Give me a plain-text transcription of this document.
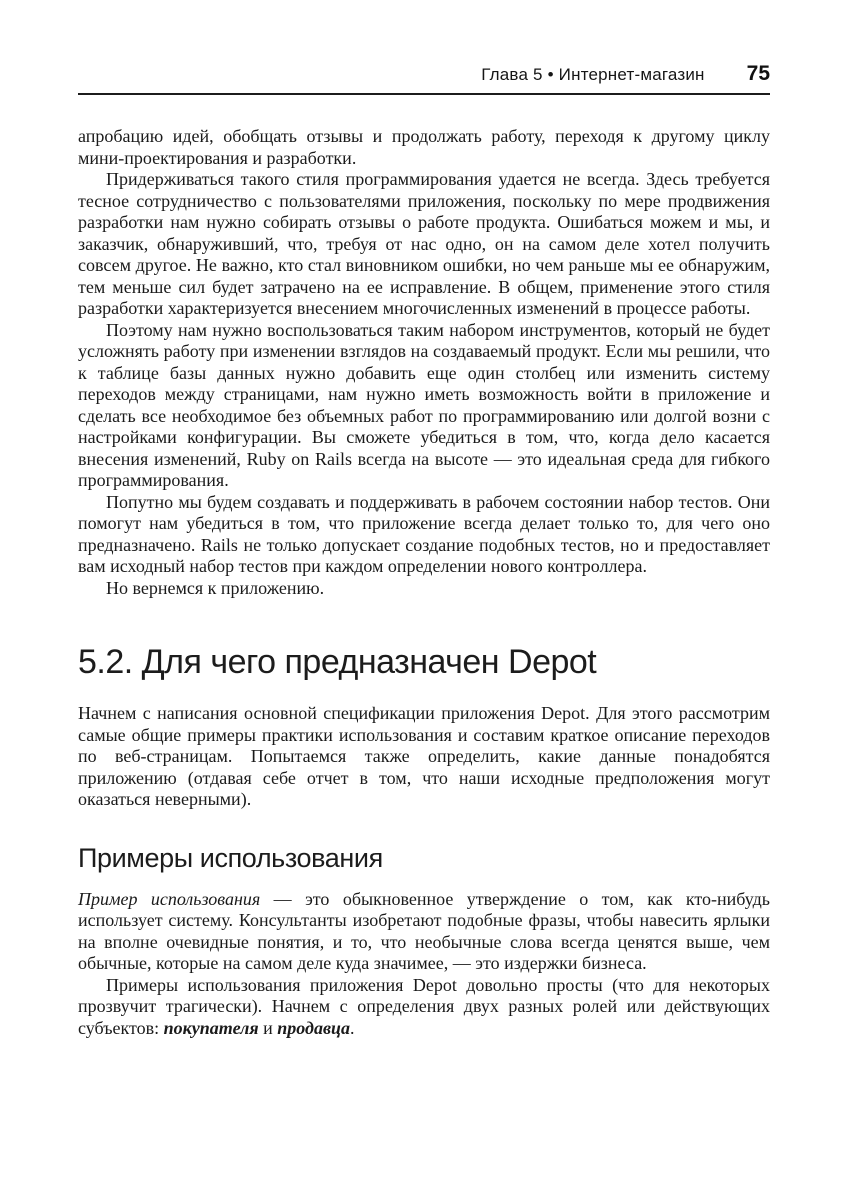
Глава 5 • Интернет-магазин 75

апробацию идей, обобщать отзывы и продолжать работу, переходя к другому циклу мини-проектирования и разработки.

Придерживаться такого стиля программирования удается не всегда. Здесь требуется тесное сотрудничество с пользователями приложения, поскольку по мере продвижения разработки нам нужно собирать отзывы о работе продукта. Ошибаться можем и мы, и заказчик, обнаруживший, что, требуя от нас одно, он на самом деле хотел получить совсем другое. Не важно, кто стал виновником ошибки, но чем раньше мы ее обнаружим, тем меньше сил будет затрачено на ее исправление. В общем, применение этого стиля разработки характеризуется внесением многочисленных изменений в процессе работы.

Поэтому нам нужно воспользоваться таким набором инструментов, который не будет усложнять работу при изменении взглядов на создаваемый продукт. Если мы решили, что к таблице базы данных нужно добавить еще один столбец или изменить систему переходов между страницами, нам нужно иметь возможность войти в приложение и сделать все необходимое без объемных работ по программированию или долгой возни с настройками конфигурации. Вы сможете убедиться в том, что, когда дело касается внесения изменений, Ruby on Rails всегда на высоте — это идеальная среда для гибкого программирования.

Попутно мы будем создавать и поддерживать в рабочем состоянии набор тестов. Они помогут нам убедиться в том, что приложение всегда делает только то, для чего оно предназначено. Rails не только допускает создание подобных тестов, но и предоставляет вам исходный набор тестов при каждом определении нового контроллера.

Но вернемся к приложению.

5.2. Для чего предназначен Depot

Начнем с написания основной спецификации приложения Depot. Для этого рассмотрим самые общие примеры практики использования и составим краткое описание переходов по веб-страницам. Попытаемся также определить, какие данные понадобятся приложению (отдавая себе отчет в том, что наши исходные предположения могут оказаться неверными).

Примеры использования

Пример использования — это обыкновенное утверждение о том, как кто-нибудь использует систему. Консультанты изобретают подобные фразы, чтобы навесить ярлыки на вполне очевидные понятия, и то, что необычные слова всегда ценятся выше, чем обычные, которые на самом деле куда значимее, — это издержки бизнеса.

Примеры использования приложения Depot довольно просты (что для некоторых прозвучит трагически). Начнем с определения двух разных ролей или действующих субъектов: покупателя и продавца.
